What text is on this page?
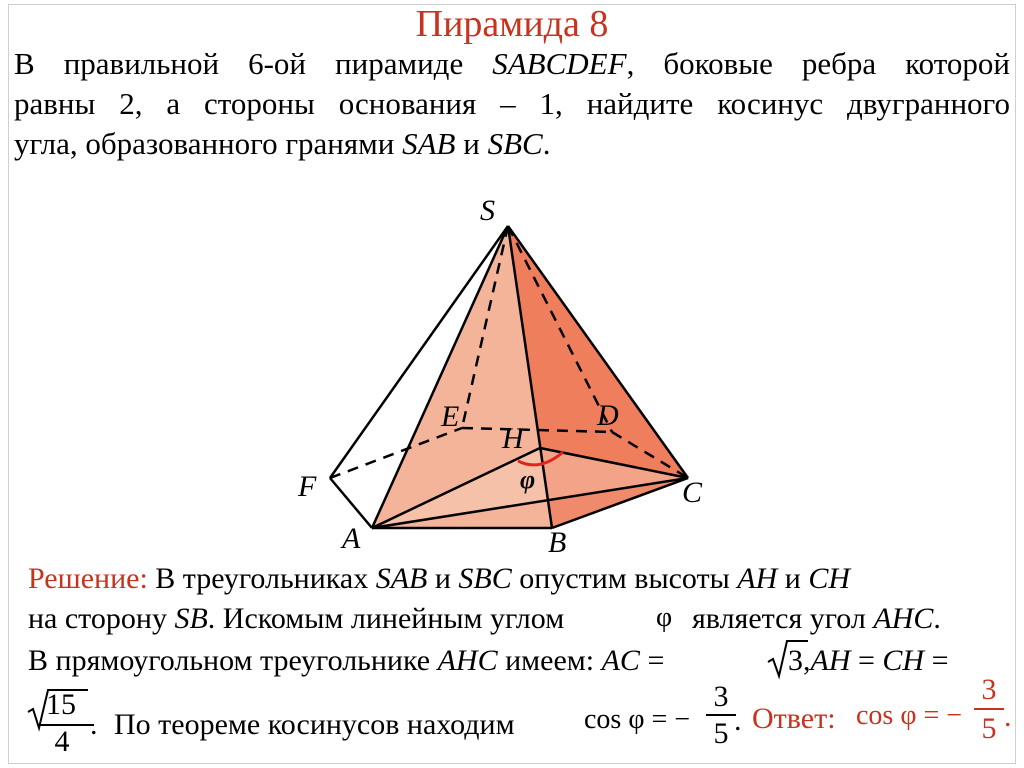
Пирамида 8
В правильной 6-ой пирамиде SABCDEF, боковые ребра которой
равны 2, а стороны основания – 1, найдите косинус двугранного
угла, образованного гранями SAB и SBC.
S
A	B
C
D
E
F
H
φ
Решение: В треугольниках SAB и SBC опустим высоты AH и CH
на сторону SB. Искомым линейным углом	φ является угол AHC.
В прямоугольном треугольнике AHC имеем: AC =	3,AH = CH =
15
4
. По теореме косинусов находим cos φ = −
3
5 . Ответ: cos φ = −
3
5 .
